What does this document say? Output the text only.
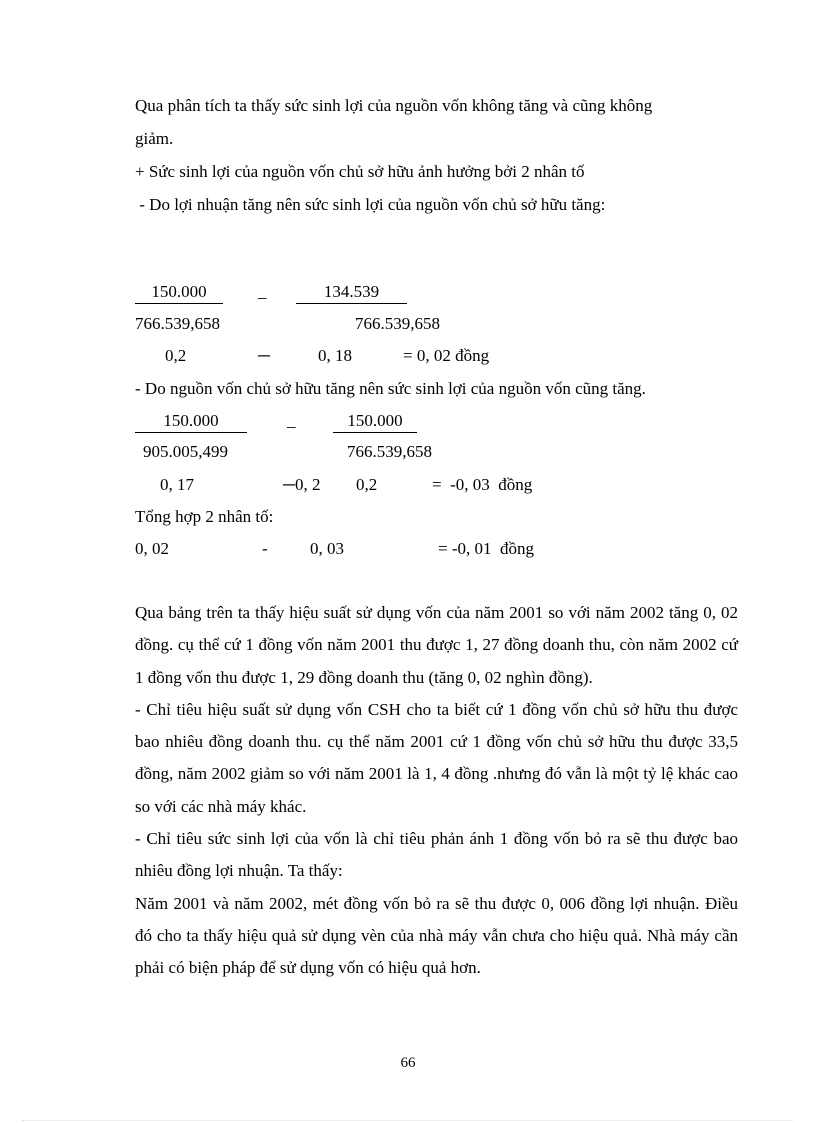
Qua phân tích ta thấy sức sinh lợi của nguồn vốn không tăng và cũng không
giảm.
+ Sức sinh lợi của nguồn vốn chủ sở hữu ảnh hưởng bởi 2 nhân tố
- Do lợi nhuận tăng nên sức sinh lợi của nguồn vốn chủ sở hữu tăng:
150.000	_	134.539
766.539,658	766.539,658
0,2	─	0, 18	= 0, 02 đồng
- Do nguồn vốn chủ sở hữu tăng nên sức sinh lợi của nguồn vốn cũng tăng.
150.000	_	150.000
905.005,499	766.539,658
0, 17	─0, 2 0,2	=  -0, 03  đồng
Tổng hợp 2 nhân tố:
0, 02	- 0, 03	= -0, 01  đồng

Qua bảng trên ta thấy hiệu suất sử dụng vốn của năm 2001 so với năm 2002 tăng 0, 02 đồng. cụ thể cứ 1 đồng vốn năm 2001 thu được 1, 27 đồng doanh thu, còn năm 2002 cứ 1 đồng vốn thu được 1, 29 đồng doanh thu (tăng 0, 02 nghìn đồng).

- Chỉ tiêu hiệu suất sử dụng vốn CSH cho ta biết cứ 1 đồng vốn chủ sở hữu thu được bao nhiêu đồng doanh thu. cụ thể năm 2001 cứ 1 đồng vốn chủ sở hữu thu được 33,5 đồng, năm 2002 giảm so với năm 2001 là 1, 4 đồng .nhưng đó vẫn là một tỷ lệ khác cao so với các nhà máy khác.

- Chỉ tiêu sức sinh lợi của vốn là chỉ tiêu phản ánh 1 đồng vốn bỏ ra sẽ thu được bao nhiêu đồng lợi nhuận. Ta thấy:

Năm 2001 và năm 2002, mét đồng vốn bỏ ra sẽ thu được 0, 006 đồng lợi nhuận. Điều đó cho ta thấy hiệu quả sử dụng vèn của nhà máy vẫn chưa cho hiệu quả. Nhà máy cần phải có biện pháp để sử dụng vốn có hiệu quả hơn.

66
